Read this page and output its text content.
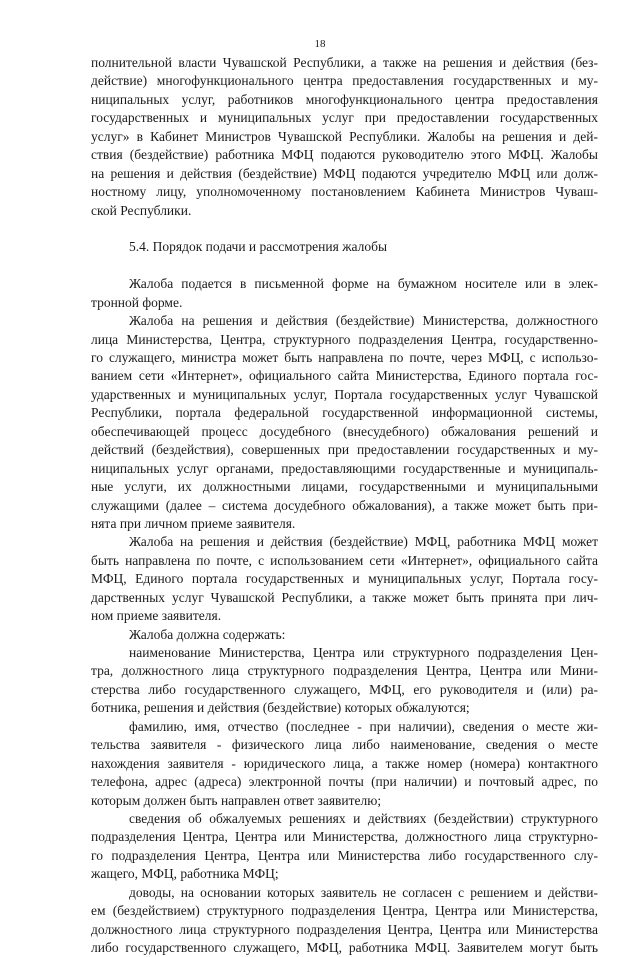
18
полнительной власти Чувашской Республики, а также на решения и действия (без-
действие) многофункционального центра предоставления государственных и му-
ниципальных услуг, работников многофункционального центра предоставления
государственных и муниципальных услуг при предоставлении государственных
услуг» в Кабинет Министров Чувашской Республики. Жалобы на решения и дей-
ствия (бездействие) работника МФЦ подаются руководителю этого МФЦ. Жалобы
на решения и действия (бездействие) МФЦ подаются учредителю МФЦ или долж-
ностному лицу, уполномоченному постановлением Кабинета Министров Чуваш-
ской Республики.
5.4. Порядок подачи и рассмотрения жалобы
Жалоба подается в письменной форме на бумажном носителе или в элек-
тронной форме.
Жалоба на решения и действия (бездействие) Министерства, должностного
лица Министерства, Центра, структурного подразделения Центра, государственно-
го служащего, министра может быть направлена по почте, через МФЦ, с использо-
ванием сети «Интернет», официального сайта Министерства, Единого портала гос-
ударственных и муниципальных услуг, Портала государственных услуг Чувашской
Республики, портала федеральной государственной информационной системы,
обеспечивающей процесс досудебного (внесудебного) обжалования решений и
действий (бездействия), совершенных при предоставлении государственных и му-
ниципальных услуг органами, предоставляющими государственные и муниципаль-
ные услуги, их должностными лицами, государственными и муниципальными
служащими (далее – система досудебного обжалования), а также может быть при-
нята при личном приеме заявителя.
Жалоба на решения и действия (бездействие) МФЦ, работника МФЦ может
быть направлена по почте, с использованием сети «Интернет», официального сайта
МФЦ, Единого портала государственных и муниципальных услуг, Портала госу-
дарственных услуг Чувашской Республики, а также может быть принята при лич-
ном приеме заявителя.
Жалоба должна содержать:
наименование Министерства, Центра или структурного подразделения Цен-
тра, должностного лица структурного подразделения Центра, Центра или Мини-
стерства либо государственного служащего, МФЦ, его руководителя и (или) ра-
ботника, решения и действия (бездействие) которых обжалуются;
фамилию, имя, отчество (последнее - при наличии), сведения о месте жи-
тельства заявителя - физического лица либо наименование, сведения о месте
нахождения заявителя - юридического лица, а также номер (номера) контактного
телефона, адрес (адреса) электронной почты (при наличии) и почтовый адрес, по
которым должен быть направлен ответ заявителю;
сведения об обжалуемых решениях и действиях (бездействии) структурного
подразделения Центра, Центра или Министерства, должностного лица структурно-
го подразделения Центра, Центра или Министерства либо государственного слу-
жащего, МФЦ, работника МФЦ;
доводы, на основании которых заявитель не согласен с решением и действи-
ем (бездействием) структурного подразделения Центра, Центра или Министерства,
должностного лица структурного подразделения Центра, Центра или Министерства
либо государственного служащего, МФЦ, работника МФЦ. Заявителем могут быть
